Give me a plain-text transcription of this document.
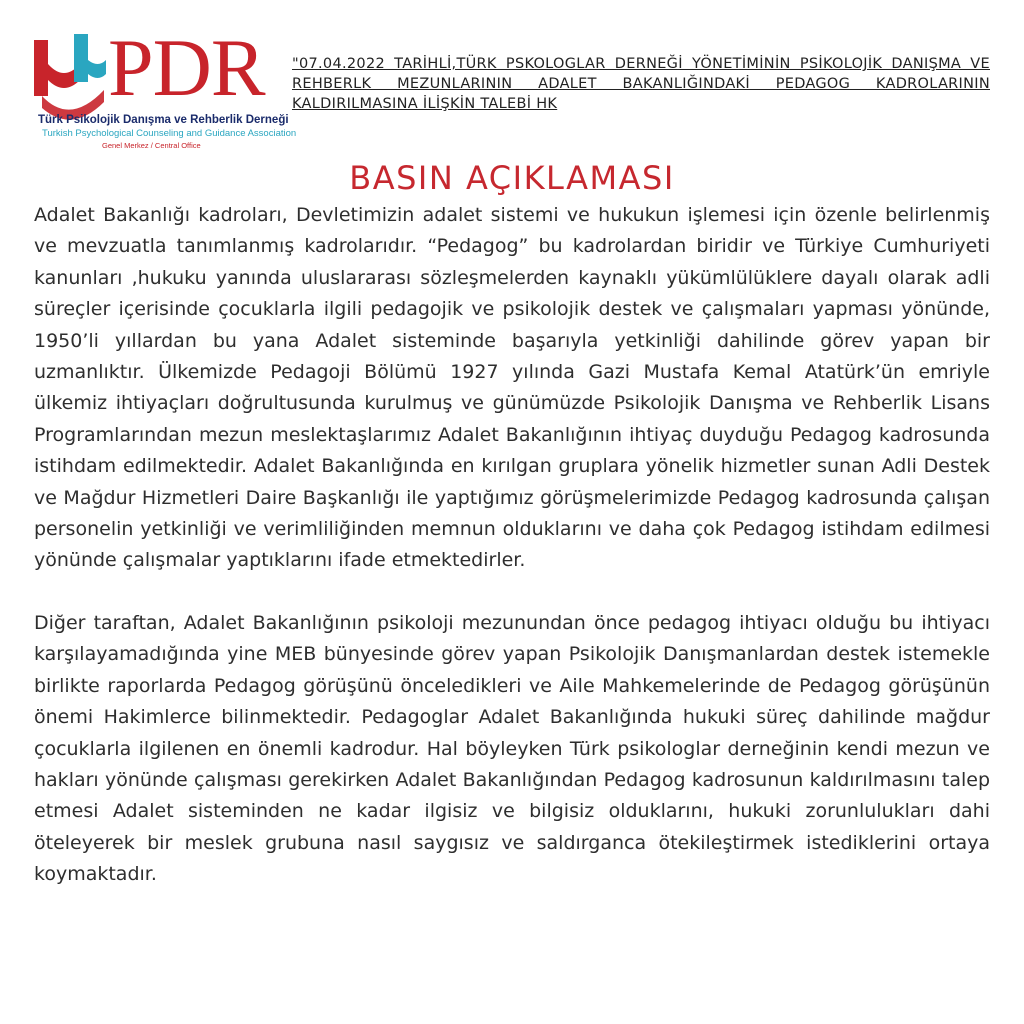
PDR
Türk Psikolojik Danışma ve Rehberlik Derneği
Turkish Psychological Counseling and Guidance Association
Genel Merkez / Central Office
"07.04.2022 TARİHLİ,TÜRK PSKOLOGLAR DERNEĞİ YÖNETİMİNİN PSİKOLOJİK DANIŞMA VE REHBERLK MEZUNLARININ ADALET BAKANLIĞINDAKİ PEDAGOG KADROLARININ KALDIRILMASINA İLİŞKİN TALEBİ HK
BASIN AÇIKLAMASI

Adalet Bakanlığı kadroları, Devletimizin adalet sistemi ve hukukun işlemesi için özenle belirlenmiş ve mevzuatla tanımlanmış kadrolarıdır. “Pedagog” bu kadrolardan biridir ve Türkiye Cumhuriyeti kanunları ,hukuku yanında uluslararası sözleşmelerden kaynaklı yükümlülüklere dayalı olarak adli süreçler içerisinde çocuklarla ilgili pedagojik ve psikolojik destek ve çalışmaları yapması yönünde, 1950’li yıllardan bu yana Adalet sisteminde başarıyla yetkinliği dahilinde görev yapan bir uzmanlıktır. Ülkemizde Pedagoji Bölümü 1927 yılında Gazi Mustafa Kemal Atatürk’ün emriyle ülkemiz ihtiyaçları doğrultusunda kurulmuş ve günümüzde Psikolojik Danışma ve Rehberlik Lisans Programlarından mezun meslektaşlarımız Adalet Bakanlığının ihtiyaç duyduğu Pedagog kadrosunda istihdam edilmektedir. Adalet Bakanlığında en kırılgan gruplara yönelik hizmetler sunan Adli Destek ve Mağdur Hizmetleri Daire Başkanlığı ile yaptığımız görüşmelerimizde Pedagog kadrosunda çalışan personelin yetkinliği ve verimliliğinden memnun olduklarını ve daha çok Pedagog istihdam edilmesi yönünde çalışmalar yaptıklarını ifade etmektedirler.

Diğer taraftan, Adalet Bakanlığının psikoloji mezunundan önce pedagog ihtiyacı olduğu bu ihtiyacı karşılayamadığında yine MEB bünyesinde görev yapan Psikolojik Danışmanlardan destek istemekle birlikte raporlarda Pedagog görüşünü önceledikleri ve Aile Mahkemelerinde de Pedagog görüşünün önemi Hakimlerce bilinmektedir. Pedagoglar Adalet Bakanlığında hukuki süreç dahilinde mağdur çocuklarla ilgilenen en önemli kadrodur. Hal böyleyken Türk psikologlar derneğinin kendi mezun ve hakları yönünde çalışması gerekirken Adalet Bakanlığından Pedagog kadrosunun kaldırılmasını talep etmesi Adalet sisteminden ne kadar ilgisiz ve bilgisiz olduklarını, hukuki zorunlulukları dahi öteleyerek bir meslek grubuna nasıl saygısız ve saldırganca ötekileştirmek istediklerini ortaya koymaktadır.
